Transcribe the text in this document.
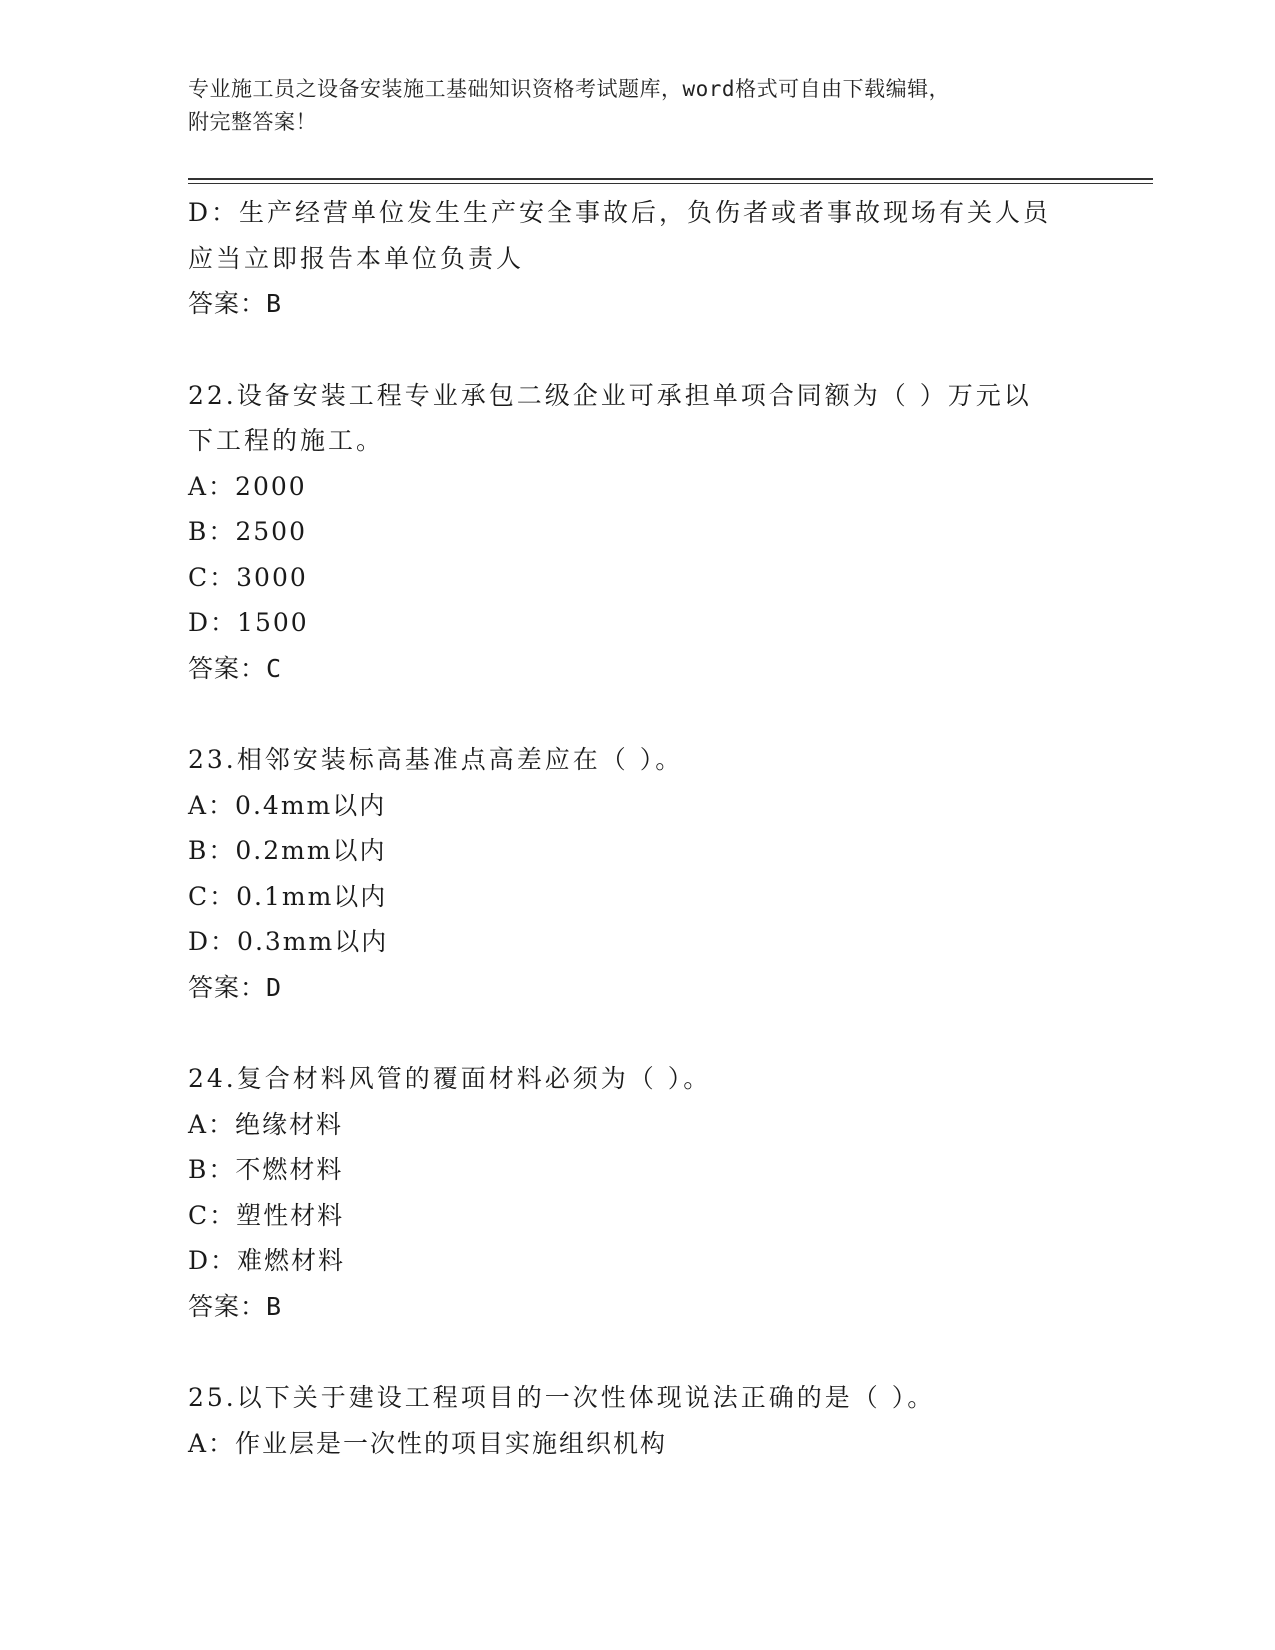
专业施工员之设备安装施工基础知识资格考试题库，word格式可自由下载编辑，
附完整答案！
D：生产经营单位发生生产安全事故后，负伤者或者事故现场有关人员
应当立即报告本单位负责人
答案：B
22.设备安装工程专业承包二级企业可承担单项合同额为（ ）万元以
下工程的施工。
A：2000
B：2500
C：3000
D：1500
答案：C
23.相邻安装标高基准点高差应在（ ）。
A：0.4mm以内
B：0.2mm以内
C：0.1mm以内
D：0.3mm以内
答案：D
24.复合材料风管的覆面材料必须为（ ）。
A：绝缘材料
B：不燃材料
C：塑性材料
D：难燃材料
答案：B
25.以下关于建设工程项目的一次性体现说法正确的是（ ）。
A：作业层是一次性的项目实施组织机构
